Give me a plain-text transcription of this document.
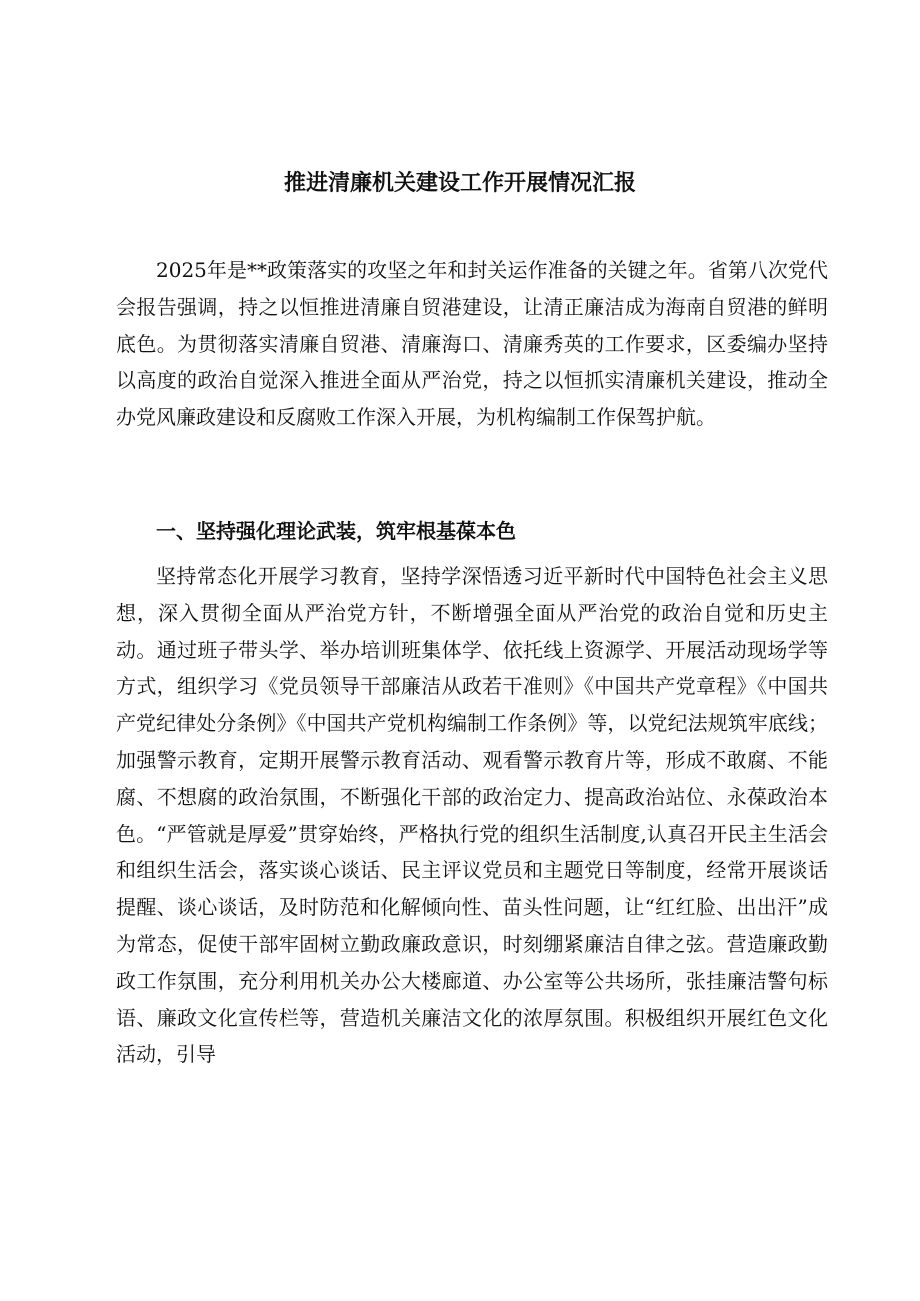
推进清廉机关建设工作开展情况汇报

2025年是**政策落实的攻坚之年和封关运作准备的关键之年。省第八次党代会报告强调，持之以恒推进清廉自贸港建设，让清正廉洁成为海南自贸港的鲜明底色。为贯彻落实清廉自贸港、清廉海口、清廉秀英的工作要求，区委编办坚持以高度的政治自觉深入推进全面从严治党，持之以恒抓实清廉机关建设，推动全办党风廉政建设和反腐败工作深入开展，为机构编制工作保驾护航。

一、坚持强化理论武装，筑牢根基葆本色

坚持常态化开展学习教育，坚持学深悟透习近平新时代中国特色社会主义思想，深入贯彻全面从严治党方针，不断增强全面从严治党的政治自觉和历史主动。通过班子带头学、举办培训班集体学、依托线上资源学、开展活动现场学等方式，组织学习《党员领导干部廉洁从政若干准则》《中国共产党章程》《中国共产党纪律处分条例》《中国共产党机构编制工作条例》等，以党纪法规筑牢底线；加强警示教育，定期开展警示教育活动、观看警示教育片等，形成不敢腐、不能腐、不想腐的政治氛围，不断强化干部的政治定力、提高政治站位、永葆政治本色。“严管就是厚爱”贯穿始终，严格执行党的组织生活制度,认真召开民主生活会和组织生活会，落实谈心谈话、民主评议党员和主题党日等制度，经常开展谈话提醒、谈心谈话，及时防范和化解倾向性、苗头性问题，让“红红脸、出出汗”成为常态，促使干部牢固树立勤政廉政意识，时刻绷紧廉洁自律之弦。营造廉政勤政工作氛围，充分利用机关办公大楼廊道、办公室等公共场所，张挂廉洁警句标语、廉政文化宣传栏等，营造机关廉洁文化的浓厚氛围。积极组织开展红色文化活动，引导
